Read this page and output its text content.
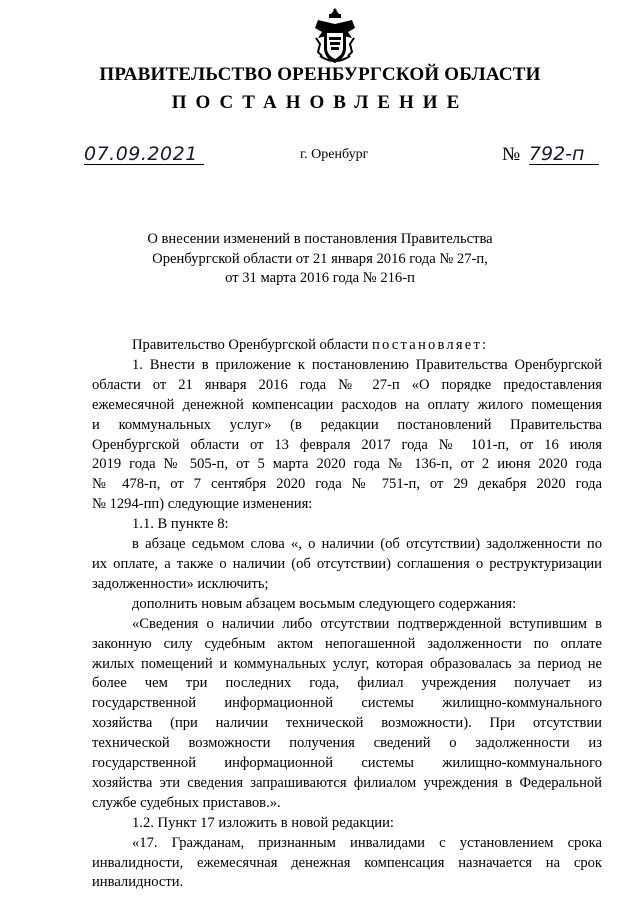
ПРАВИТЕЛЬСТВО ОРЕНБУРГСКОЙ ОБЛАСТИ
ПОСТАНОВЛЕНИЕ
07.09.2021	г. Оренбург	№ 792-п
О внесении изменений в постановления Правительства
Оренбургской области от 21 января 2016 года № 27-п,
от 31 марта 2016 года № 216-п

Правительство Оренбургской области постановляет:

1. Внести в приложение к постановлению Правительства Оренбургской

области от 21 января 2016 года № 27-п «О порядке предоставления

ежемесячной денежной компенсации расходов на оплату жилого помещения

и коммунальных услуг» (в редакции постановлений Правительства

Оренбургской области от 13 февраля 2017 года № 101-п, от 16 июля

2019 года № 505-п, от 5 марта 2020 года № 136-п, от 2 июня 2020 года

№ 478-п, от 7 сентября 2020 года № 751-п, от 29 декабря 2020 года

№ 1294-пп) следующие изменения:

1.1. В пункте 8:

в абзаце седьмом слова «, о наличии (об отсутствии) задолженности по

их оплате, а также о наличии (об отсутствии) соглашения о реструктуризации

задолженности» исключить;

дополнить новым абзацем восьмым следующего содержания:

«Сведения о наличии либо отсутствии подтвержденной вступившим в

законную силу судебным актом непогашенной задолженности по оплате

жилых помещений и коммунальных услуг, которая образовалась за период не

более чем три последних года, филиал учреждения получает из

государственной информационной системы жилищно-коммунального

хозяйства (при наличии технической возможности). При отсутствии

технической возможности получения сведений о задолженности из

государственной информационной системы жилищно-коммунального

хозяйства эти сведения запрашиваются филиалом учреждения в Федеральной

службе судебных приставов.».

1.2. Пункт 17 изложить в новой редакции:

«17. Гражданам, признанным инвалидами с установлением срока

инвалидности, ежемесячная денежная компенсация назначается на срок

инвалидности.
